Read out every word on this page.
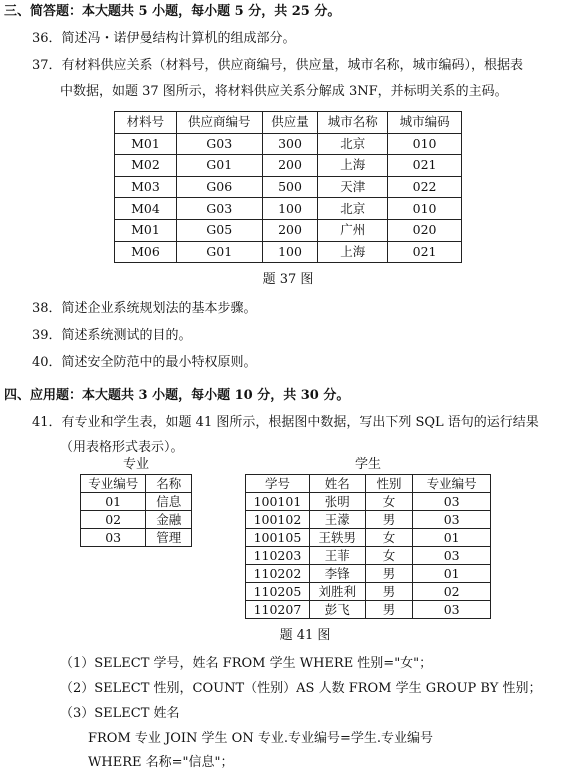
三、简答题：本大题共 5 小题，每小题 5 分，共 25 分。
36．简述冯・诺伊曼结构计算机的组成部分。
37．有材料供应关系（材料号，供应商编号，供应量，城市名称，城市编码），根据表
中数据，如题 37 图所示，将材料供应关系分解成 3NF，并标明关系的主码。
材料号	供应商编号	供应量	城市名称	城市编码
M01	G03	300	北京	010
M02	G01	200	上海	021
M03	G06	500	天津	022
M04	G03	100	北京	010
M01	G05	200	广州	020
M06	G01	100	上海	021
题 37 图
38．简述企业系统规划法的基本步骤。
39．简述系统测试的目的。
40．简述安全防范中的最小特权原则。
四、应用题：本大题共 3 小题，每小题 10 分，共 30 分。
41．有专业和学生表，如题 41 图所示，根据图中数据，写出下列 SQL 语句的运行结果
（用表格形式表示）。
专业
专业编号	名称
01	信息
02	金融
03	管理
学生
学号	姓名	性别	专业编号
100101	张明	女	03
100102	王濛	男	03
100105	王轶男	女	01
110203	王菲	女	03
110202	李锋	男	01
110205	刘胜利	男	02
110207	彭飞	男	03
题 41 图
（1）SELECT 学号，姓名 FROM 学生 WHERE 性别="女"；
（2）SELECT 性别，COUNT（性别）AS 人数 FROM 学生 GROUP BY 性别；
（3）SELECT 姓名
FROM 专业 JOIN 学生 ON 专业.专业编号=学生.专业编号
WHERE 名称="信息"；
